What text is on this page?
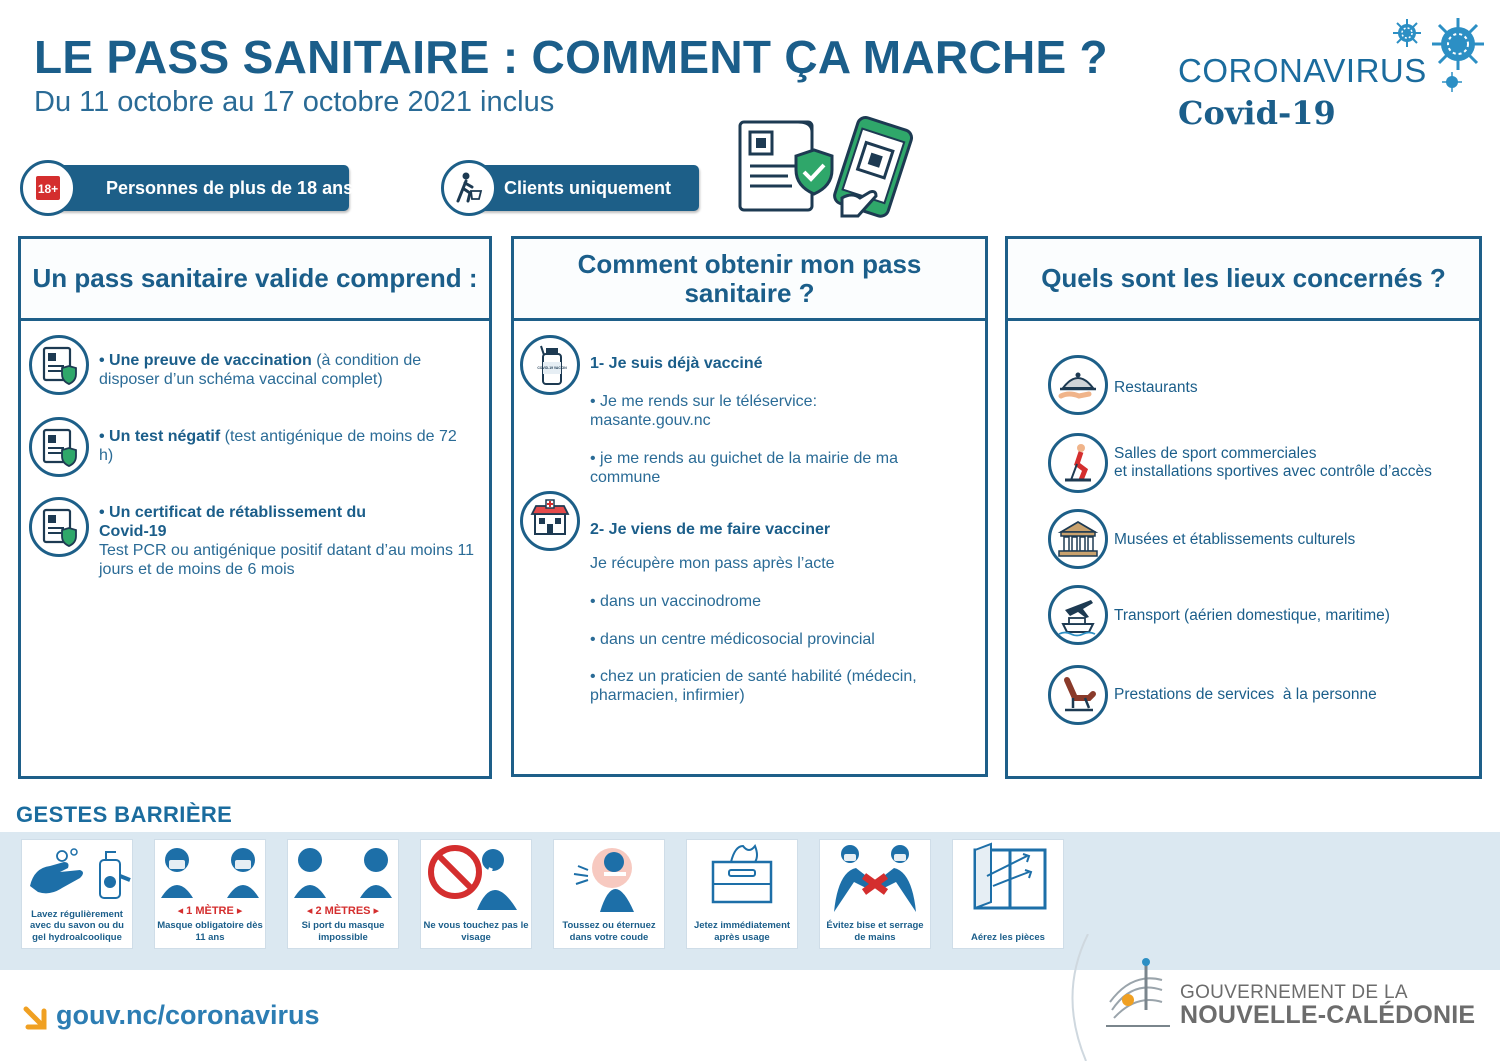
LE PASS SANITAIRE : COMMENT ÇA MARCHE ?
Du 11 octobre au 17 octobre 2021 inclus
CORONAVIRUS
Covid-19
Personnes de plus de 18 ans
18+	Clients uniquement
Un pass sanitaire valide comprend :
• Une preuve de vaccination (à condition de disposer d’un schéma vaccinal complet)
• Un test négatif (test antigénique de moins de 72 h)
• Un certificat de rétablissement du Covid-19
Test PCR ou antigénique positif datant d’au moins 11 jours et de moins de 6 mois
Comment obtenir mon pass
sanitaire ?
COVID-19 VACCIN 1- Je suis déjà vacciné
• Je me rends sur le téléservice: masante.gouv.nc
• je me rends au guichet de la mairie de ma commune
2- Je viens de me faire vacciner
Je récupère mon pass après l’acte
• dans un vaccinodrome
• dans un centre médicosocial provincial
• chez un praticien de santé habilité (médecin, pharmacien, infirmier)
Quels sont les lieux concernés ?
Restaurants
Salles de sport commerciales
et installations sportives avec contrôle d’accès
Musées et établissements culturels
Transport (aérien domestique, maritime)
Prestations de services  à la personne
GESTES BARRIÈRE
Lavez régulièrement avec du savon ou du gel hydroalcoolique
◂ 1 MÈTRE ▸
Masque obligatoire dès 11 ans
◂ 2 MÈTRES ▸
Si port du masque impossible
Ne vous touchez pas le visage
Toussez ou éternuez dans votre coude
Jetez immédiatement après usage
Évitez bise et serrage de mains	Aérez les pièces
gouv.nc/coronavirus
GOUVERNEMENT DE LA
NOUVELLE-CALÉDONIE
